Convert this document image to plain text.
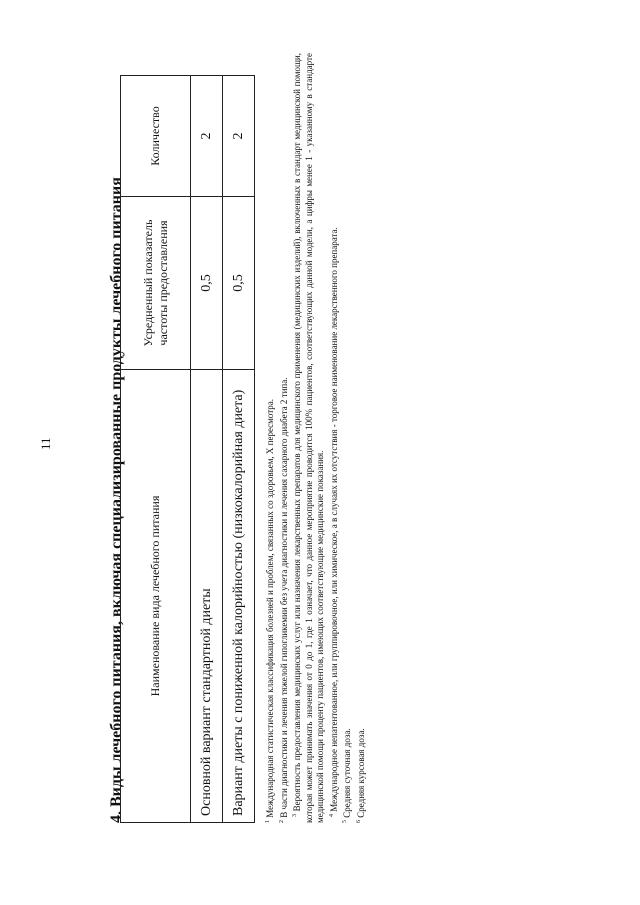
11	4. Виды лечебного питания, включая специализированные продукты лечебного питания Наименование вида лечебного питания	Усредненный показатель частоты предоставления	Количество
Основной вариант стандартной диеты	0,5	2
Вариант диеты с пониженной калорийностью (низкокалорийная диета)	0,5	2

$^1$ Международная статистическая классификация болезней и проблем, связанных со здоровьем, X пересмотра.

$^2$ В части диагностики и лечения тяжелой гипогликемии без учета диагностики и лечения сахарного диабета 2 типа. $^3$ Вероятность предоставления медицинских услуг или назначения лекарственных препаратов для медицинского применения (медицинских изделий), включенных в стандарт медицинской помощи, которая может принимать значения от 0 до 1, где 1 означает, что данное мероприятие проводится 100% пациентов, соответствующих данной модели, а цифры менее 1 - указанному в стандарте медицинской помощи проценту пациентов, имеющих соответствующие медицинские показания. $^4$ Международное непатентованное, или группировочное, или химическое, а в случаях их отсутствия - торговое наименование лекарственного препарата.

$^5$ Средняя суточная доза.

$^6$ Средняя курсовая доза.
